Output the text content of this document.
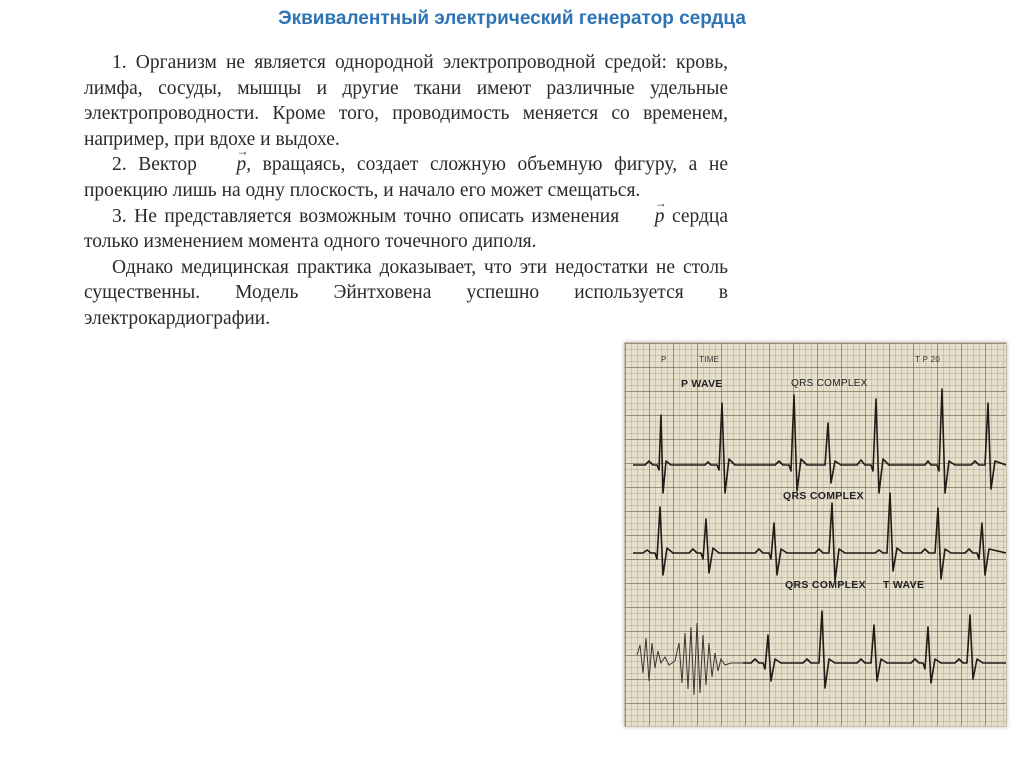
Эквивалентный электрический генератор сердца

1. Организм не является однородной электропроводной средой: кровь, лимфа, сосуды, мышцы и другие ткани имеют различные удельные электропроводности. Кроме того, проводимость меняется со временем, например, при вдохе и выдохе.

2. Вектор → p, вращаясь, создает сложную объемную фигуру, а не проекцию лишь на одну плоскость, и начало его может смещаться.

3. Не представляется возможным точно описать изменения → p сердца только изменением момента одного точечного диполя.

Однако медицинская практика доказывает, что эти недостатки не столь существенны. Модель Эйнтховена успешно используется в электрокардиографии.

P	TIME	T P 20
P WAVE	QRS COMPLEX
QRS COMPLEX
QRS COMPLEX T WAVE
